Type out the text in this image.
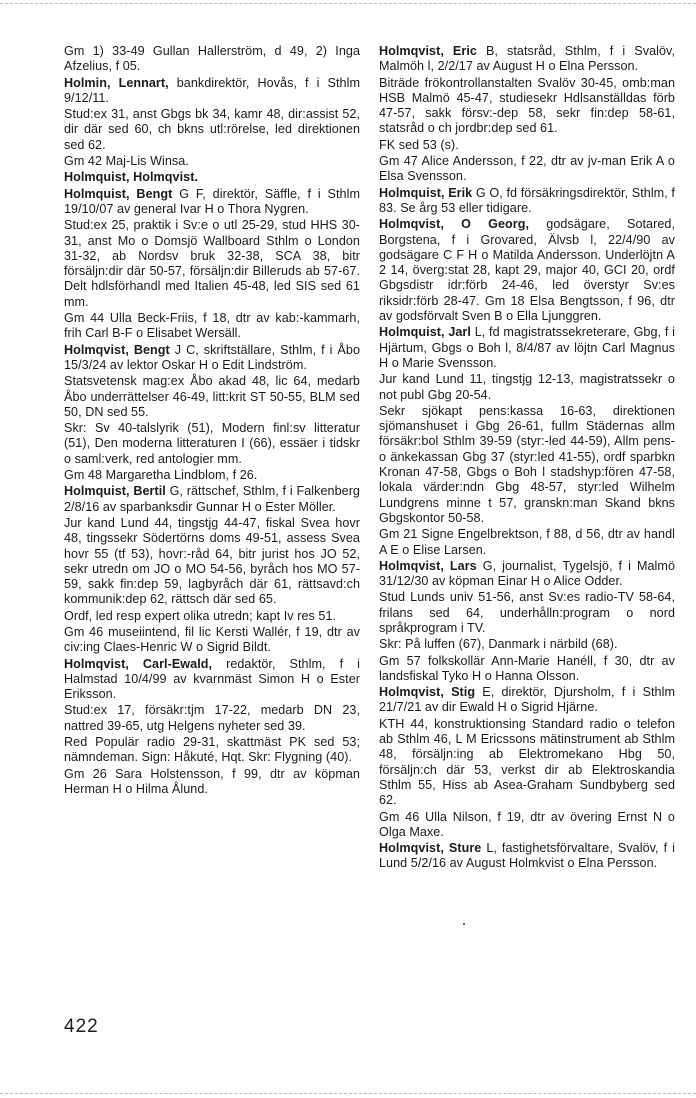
Gm 1) 33-49 Gullan Hallerström, d 49, 2) Inga Afzelius, f 05.

Holmin, Lennart, bankdirektör, Hovås, f i Sthlm 9/12/11.

Stud:ex 31, anst Gbgs bk 34, kamr 48, dir:assist 52, dir där sed 60, ch bkns utl:rörelse, led direktionen sed 62.

Gm 42 Maj-Lis Winsa.

Holmquist, Holmqvist.

Holmquist, Bengt G F, direktör, Säffle, f i Sthlm 19/10/07 av general Ivar H o Thora Nygren.

Stud:ex 25, praktik i Sv:e o utl 25-29, stud HHS 30-31, anst Mo o Domsjö Wallboard Sthlm o London 31-32, ab Nordsv bruk 32-38, SCA 38, bitr försäljn:dir där 50-57, försäljn:dir Billeruds ab 57-67. Delt hdlsförhandl med Italien 45-48, led SIS sed 61 mm.

Gm 44 Ulla Beck-Friis, f 18, dtr av kab:-kammarh, frih Carl B-F o Elisabet Wersäll.

Holmqvist, Bengt J C, skriftställare, Sthlm, f i Åbo 15/3/24 av lektor Oskar H o Edit Lindström.

Statsvetensk mag:ex Åbo akad 48, lic 64, medarb Åbo underrättelser 46-49, litt:krit ST 50-55, BLM sed 50, DN sed 55.

Skr: Sv 40-talslyrik (51), Modern finl:sv litteratur (51), Den moderna litteraturen I (66), essäer i tidskr o saml:verk, red antologier mm.

Gm 48 Margaretha Lindblom, f 26.

Holmquist, Bertil G, rättschef, Sthlm, f i Falkenberg 2/8/16 av sparbanksdir Gunnar H o Ester Möller.

Jur kand Lund 44, tingstjg 44-47, fiskal Svea hovr 48, tingssekr Södertörns doms 49-51, assess Svea hovr 55 (tf 53), hovr:-råd 64, bitr jurist hos JO 52, sekr utredn om JO o MO 54-56, byråch hos MO 57-59, sakk fin:dep 59, lagbyråch där 61, rättsavd:ch kommunik:dep 62, rättsch där sed 65.

Ordf, led resp expert olika utredn; kapt Iv res 51.

Gm 46 museiintend, fil lic Kersti Wallér, f 19, dtr av civ:ing Claes-Henric W o Sigrid Bildt.

Holmqvist, Carl-Ewald, redaktör, Sthlm, f i Halmstad 10/4/99 av kvarnmäst Simon H o Ester Eriksson.

Stud:ex 17, försäkr:tjm 17-22, medarb DN 23, nattred 39-65, utg Helgens nyheter sed 39.

Red Populär radio 29-31, skattmäst PK sed 53; nämndeman. Sign: Håkuté, Hqt. Skr: Flygning (40).

Gm 26 Sara Holstensson, f 99, dtr av köpman Herman H o Hilma Ålund.

Holmqvist, Eric B, statsråd, Sthlm, f i Svalöv, Malmöh l, 2/2/17 av August H o Elna Persson.

Biträde frökontrollanstalten Svalöv 30-45, omb:man HSB Malmö 45-47, studiesekr Hdlsanställdas förb 47-57, sakk försv:-dep 58, sekr fin:dep 58-61, statsråd o ch jordbr:dep sed 61.

FK sed 53 (s).

Gm 47 Alice Andersson, f 22, dtr av jv-man Erik A o Elsa Svensson.

Holmquist, Erik G O, fd försäkringsdirektör, Sthlm, f 83. Se årg 53 eller tidigare.

Holmqvist, O Georg, godsägare, Sotared, Borgstena, f i Grovared, Älvsb l, 22/4/90 av godsägare C F H o Matilda Andersson. Underlöjtn A 2 14, överg:stat 28, kapt 29, major 40, GCI 20, ordf Gbgsdistr idr:förb 24-46, led överstyr Sv:es riksidr:förb 28-47. Gm 18 Elsa Bengtsson, f 96, dtr av godsförvalt Sven B o Ella Ljunggren.

Holmquist, Jarl L, fd magistratssekreterare, Gbg, f i Hjärtum, Gbgs o Boh l, 8/4/87 av löjtn Carl Magnus H o Marie Svensson.

Jur kand Lund 11, tingstjg 12-13, magistratssekr o not publ Gbg 20-54.

Sekr sjökapt pens:kassa 16-63, direktionen sjömanshuset i Gbg 26-61, fullm Städernas allm försäkr:bol Sthlm 39-59 (styr:-led 44-59), Allm pens- o änkekassan Gbg 37 (styr:led 41-55), ordf sparbkn Kronan 47-58, Gbgs o Boh l stadshyp:fören 47-58, lokala värder:ndn Gbg 48-57, styr:led Wilhelm Lundgrens minne t 57, granskn:man Skand bkns Gbgskontor 50-58.

Gm 21 Signe Engelbrektson, f 88, d 56, dtr av handl A E o Elise Larsen.

Holmqvist, Lars G, journalist, Tygelsjö, f i Malmö 31/12/30 av köpman Einar H o Alice Odder.

Stud Lunds univ 51-56, anst Sv:es radio-TV 58-64, frilans sed 64, underhålln:program o nord språkprogram i TV.

Skr: På luffen (67), Danmark i närbild (68).

Gm 57 folkskollär Ann-Marie Hanéll, f 30, dtr av landsfiskal Tyko H o Hanna Olsson.

Holmqvist, Stig E, direktör, Djursholm, f i Sthlm 21/7/21 av dir Ewald H o Sigrid Hjärne.

KTH 44, konstruktionsing Standard radio o telefon ab Sthlm 46, L M Ericssons mätinstrument ab Sthlm 48, försäljn:ing ab Elektromekano Hbg 50, försäljn:ch där 53, verkst dir ab Elektroskandia Sthlm 55, Hiss ab Asea-Graham Sundbyberg sed 62.

Gm 46 Ulla Nilson, f 19, dtr av övering Ernst N o Olga Maxe.

Holmqvist, Sture L, fastighetsförvaltare, Svalöv, f i Lund 5/2/16 av August Holmkvist o Elna Persson.

422
